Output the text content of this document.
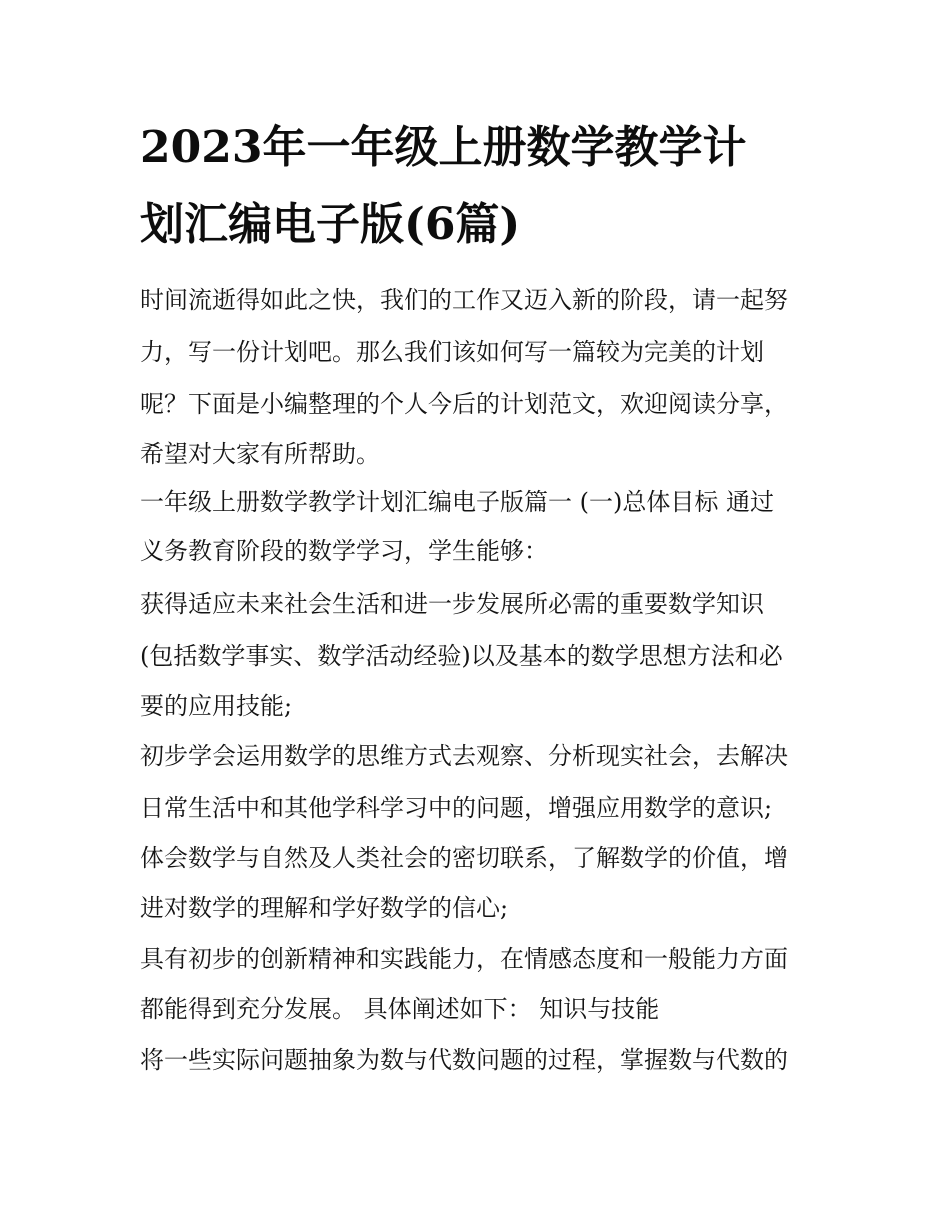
2023年一年级上册数学教学计
划汇编电子版(6篇)

时间流逝得如此之快，我们的工作又迈入新的阶段，请一起努

力，写一份计划吧。那么我们该如何写一篇较为完美的计划

呢？下面是小编整理的个人今后的计划范文，欢迎阅读分享，

希望对大家有所帮助。

一年级上册数学教学计划汇编电子版篇一 (一)总体目标 通过

义务教育阶段的数学学习，学生能够：

获得适应未来社会生活和进一步发展所必需的重要数学知识

(包括数学事实、数学活动经验)以及基本的数学思想方法和必

要的应用技能;

初步学会运用数学的思维方式去观察、分析现实社会，去解决

日常生活中和其他学科学习中的问题，增强应用数学的意识;

体会数学与自然及人类社会的密切联系，了解数学的价值，增

进对数学的理解和学好数学的信心;

具有初步的创新精神和实践能力，在情感态度和一般能力方面

都能得到充分发展。 具体阐述如下： 知识与技能

将一些实际问题抽象为数与代数问题的过程，掌握数与代数的
